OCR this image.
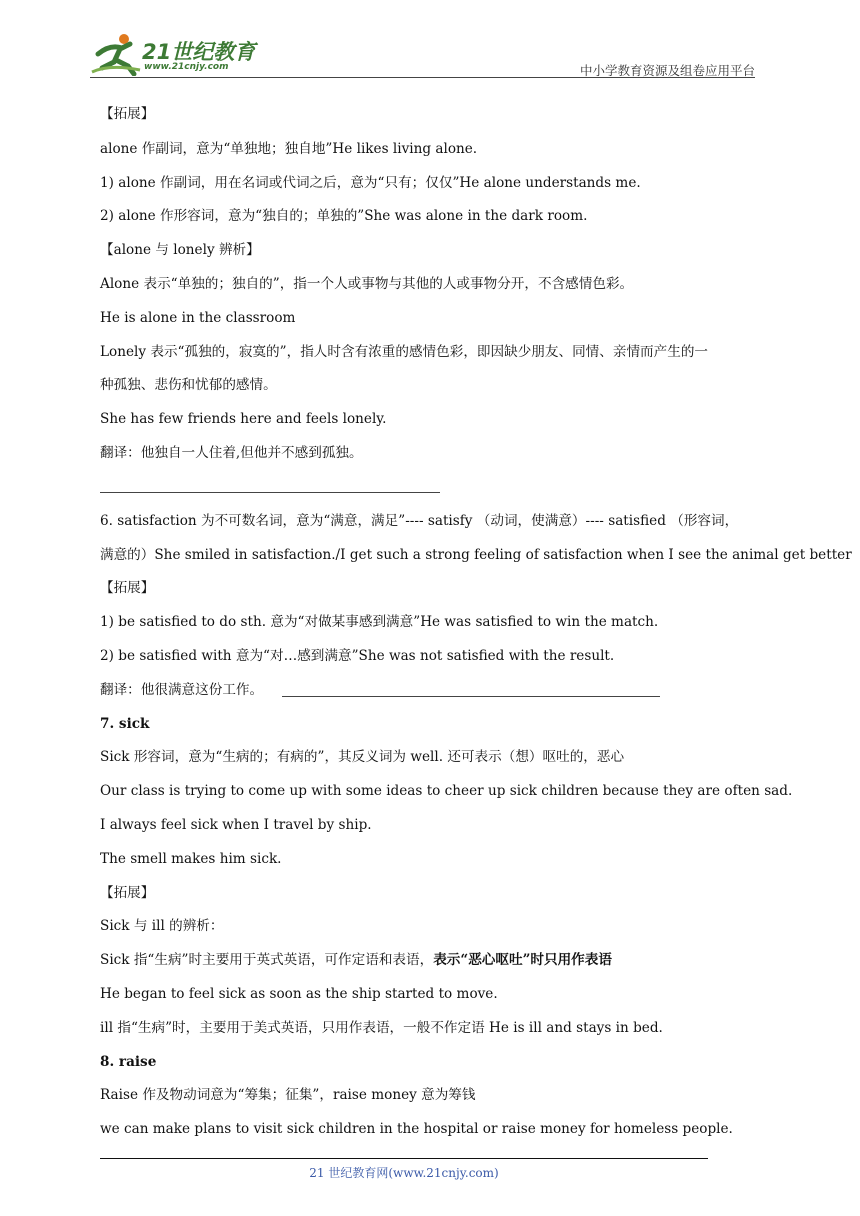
21世纪教育
www.21cnjy.com	中小学教育资源及组卷应用平台
【拓展】
alone 作副词，意为“单独地；独自地”He likes living alone.
1) alone 作副词，用在名词或代词之后，意为“只有；仅仅”He alone understands me.
2) alone 作形容词，意为“独自的；单独的”She was alone in the dark room.
【alone 与 lonely 辨析】
Alone 表示“单独的；独自的”，指一个人或事物与其他的人或事物分开，不含感情色彩。
He is alone in the classroom
Lonely 表示“孤独的，寂寞的”，指人时含有浓重的感情色彩，即因缺少朋友、同情、亲情而产生的一
种孤独、悲伤和忧郁的感情。
She has few friends here and feels lonely.
翻译：他独自一人住着,但他并不感到孤独。
6. satisfaction 为不可数名词，意为“满意，满足”---- satisfy （动词，使满意）---- satisfied （形容词，
满意的）She smiled in satisfaction./I get such a strong feeling of satisfaction when I see the animal get better
【拓展】
1) be satisfied to do sth. 意为“对做某事感到满意”He was satisfied to win the match.
2) be satisfied with 意为“对…感到满意”She was not satisfied with the result.
翻译：他很满意这份工作。
7. sick
Sick 形容词，意为“生病的；有病的”，其反义词为 well. 还可表示（想）呕吐的，恶心
Our class is trying to come up with some ideas to cheer up sick children because they are often sad.
I always feel sick when I travel by ship.
The smell makes him sick.
【拓展】
Sick 与 ill 的辨析：
Sick 指“生病”时主要用于英式英语，可作定语和表语，表示“恶心呕吐”时只用作表语
He began to feel sick as soon as the ship started to move.
ill 指“生病”时，主要用于美式英语，只用作表语，一般不作定语 He is ill and stays in bed.
8. raise
Raise 作及物动词意为“筹集；征集”，raise money 意为筹钱
we can make plans to visit sick children in the hospital or raise money for homeless people.
21 世纪教育网(www.21cnjy.com)
